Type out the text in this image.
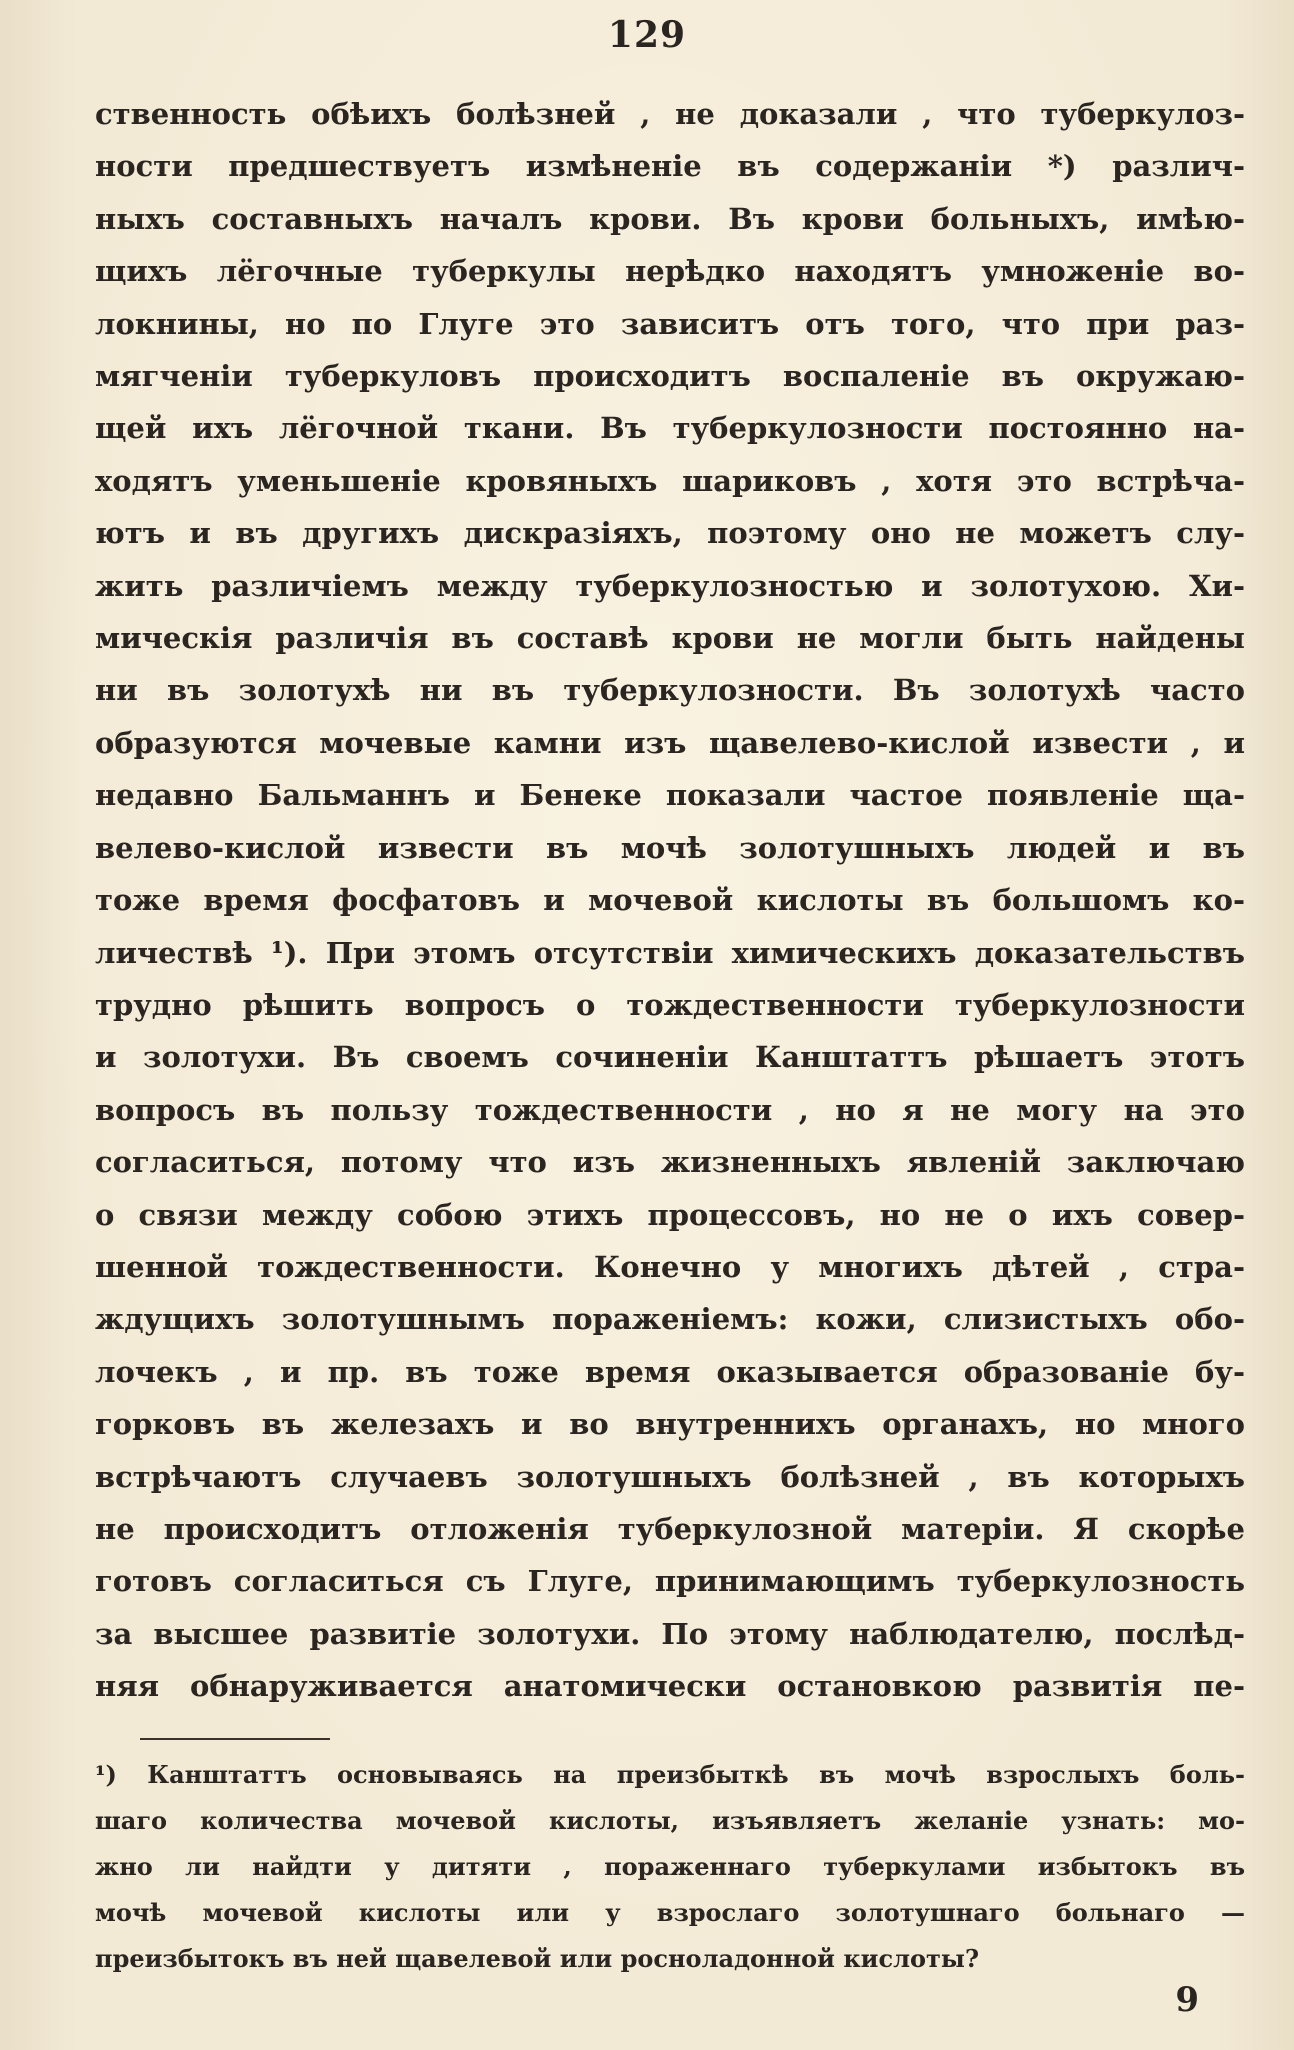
129
ственность обѣихъ болѣзней , не доказали , что туберкулоз-
ности предшествуетъ измѣненіе въ содержаніи *) различ-
ныхъ составныхъ началъ крови. Въ крови больныхъ, имѣю-
щихъ лёгочные туберкулы нерѣдко находятъ умноженіе во-
локнины, но по Глуге это зависитъ отъ того, что при раз-
мягченіи туберкуловъ происходитъ воспаленіе въ окружаю-
щей ихъ лёгочной ткани. Въ туберкулозности постоянно на-
ходятъ уменьшеніе кровяныхъ шариковъ , хотя это встрѣча-
ютъ и въ другихъ дискразіяхъ, поэтому оно не можетъ слу-
жить различіемъ между туберкулозностью и золотухою. Хи-
мическія различія въ составѣ крови не могли быть найдены
ни въ золотухѣ ни въ туберкулозности. Въ золотухѣ часто
образуются мочевые камни изъ щавелево-кислой извести , и
недавно Бальманнъ и Бенеке показали частое появленіе ща-
велево-кислой извести въ мочѣ золотушныхъ людей и въ
тоже время фосфатовъ и мочевой кислоты въ большомъ ко-
личествѣ ¹). При этомъ отсутствіи химическихъ доказательствъ
трудно рѣшить вопросъ о тождественности туберкулозности
и золотухи. Въ своемъ сочиненіи Канштаттъ рѣшаетъ этотъ
вопросъ въ пользу тождественности , но я не могу на это
согласиться, потому что изъ жизненныхъ явленій заключаю
о связи между собою этихъ процессовъ, но не о ихъ совер-
шенной тождественности. Конечно у многихъ дѣтей , стра-
ждущихъ золотушнымъ пораженіемъ: кожи, слизистыхъ обо-
лочекъ , и пр. въ тоже время оказывается образованіе бу-
горковъ въ железахъ и во внутреннихъ органахъ, но много
встрѣчаютъ случаевъ золотушныхъ болѣзней , въ которыхъ
не происходитъ отложенія туберкулозной матеріи. Я скорѣе
готовъ согласиться съ Глуге, принимающимъ туберкулозность
за высшее развитіе золотухи. По этому наблюдателю, послѣд-
няя обнаруживается анатомически остановкою развитія пе-
¹) Канштаттъ основываясь на преизбыткѣ въ мочѣ взрослыхъ боль-
шаго количества мочевой кислоты, изъявляетъ желаніе узнать: мо-
жно ли найдти у дитяти , пораженнаго туберкулами избытокъ въ
мочѣ мочевой кислоты или у взрослаго золотушнаго больнаго —
преизбытокъ въ ней щавелевой или росноладонной кислоты?
9
